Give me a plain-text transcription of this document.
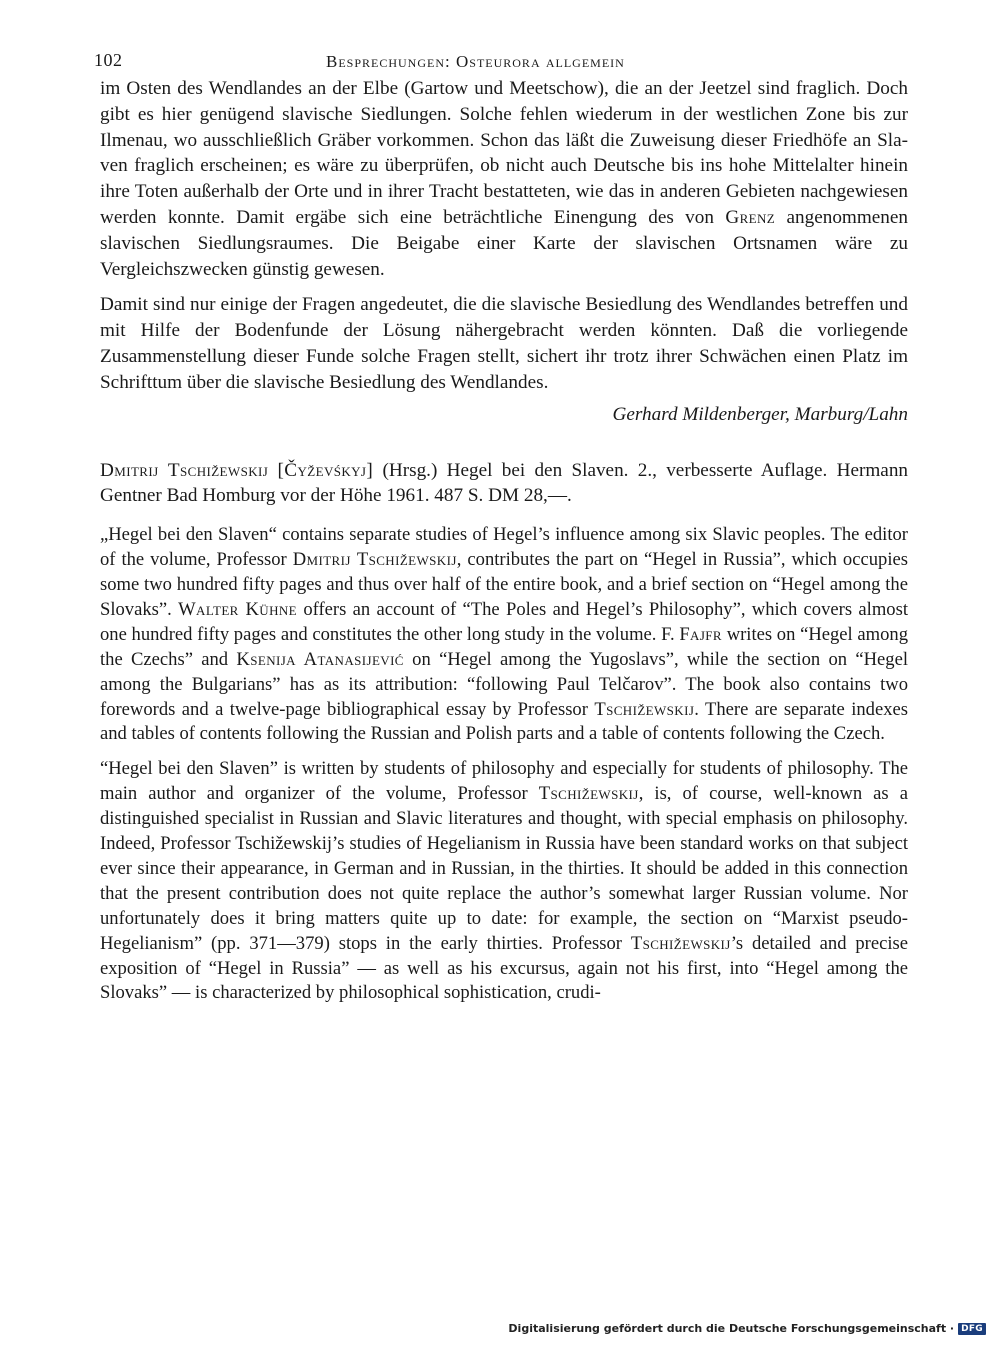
102	Besprechungen: Osteurora allgemein

im Osten des Wendlandes an der Elbe (Gartow und Meetschow), die an der Jeetzel sind fraglich. Doch gibt es hier genügend slavische Siedlungen. Solche fehlen wiederum in der westlichen Zone bis zur Ilmenau, wo ausschließlich Gräber vorkommen. Schon das läßt die Zuweisung dieser Friedhöfe an Slaven fraglich erscheinen; es wäre zu überprüfen, ob nicht auch Deutsche bis ins hohe Mittelalter hinein ihre Toten außerhalb der Orte und in ihrer Tracht bestatteten, wie das in anderen Gebieten nachgewiesen werden konnte. Damit ergäbe sich eine beträchtliche Einengung des von Grenz angenommenen slavischen Siedlungsraumes. Die Beigabe einer Karte der slavischen Ortsnamen wäre zu Vergleichszwecken günstig gewesen.

Damit sind nur einige der Fragen angedeutet, die die slavische Besiedlung des Wendlandes betreffen und mit Hilfe der Bodenfunde der Lösung nähergebracht werden könnten. Daß die vorliegende Zusammenstellung dieser Funde solche Fragen stellt, sichert ihr trotz ihrer Schwächen einen Platz im Schrifttum über die slavische Besiedlung des Wendlandes.

Gerhard Mildenberger, Marburg/Lahn

Dmitrij Tschižewskij [Čyževśkyj] (Hrsg.) Hegel bei den Slaven. 2., verbesserte Auflage. Hermann Gentner Bad Homburg vor der Höhe 1961. 487 S. DM 28,—.

„Hegel bei den Slaven“ contains separate studies of Hegel’s influence among six Slavic peoples. The editor of the volume, Professor Dmitrij Tschižewskij, contributes the part on “Hegel in Russia”, which occupies some two hundred fifty pages and thus over half of the entire book, and a brief section on “Hegel among the Slovaks”. Walter Kühne offers an account of “The Poles and Hegel’s Philosophy”, which covers almost one hundred fifty pages and constitutes the other long study in the volume. F. Fajfr writes on “Hegel among the Czechs” and Ksenija Atanasijević on “Hegel among the Yugoslavs”, while the section on “Hegel among the Bulgarians” has as its attribution: “following Paul Telčarov”. The book also contains two forewords and a twelve-page bibliographical essay by Professor Tschižewskij. There are separate indexes and tables of contents following the Russian and Polish parts and a table of contents following the Czech.

“Hegel bei den Slaven” is written by students of philosophy and especially for students of philosophy. The main author and organizer of the volume, Professor Tschižewskij, is, of course, well-known as a distinguished specialist in Russian and Slavic literatures and thought, with special emphasis on philosophy. Indeed, Professor Tschižewskij’s studies of Hegelianism in Russia have been standard works on that subject ever since their appearance, in German and in Russian, in the thirties. It should be added in this connection that the present contribution does not quite replace the author’s somewhat larger Russian volume. Nor unfortunately does it bring matters quite up to date: for example, the section on “Marxist pseudo-Hegelianism” (pp. 371—379) stops in the early thirties. Professor Tschižewskij’s detailed and precise exposition of “Hegel in Russia” — as well as his excursus, again not his first, into “Hegel among the Slovaks” — is characterized by philosophical sophistication, crudi-

Digitalisierung gefördert durch die Deutsche Forschungsgemeinschaft · DFG
